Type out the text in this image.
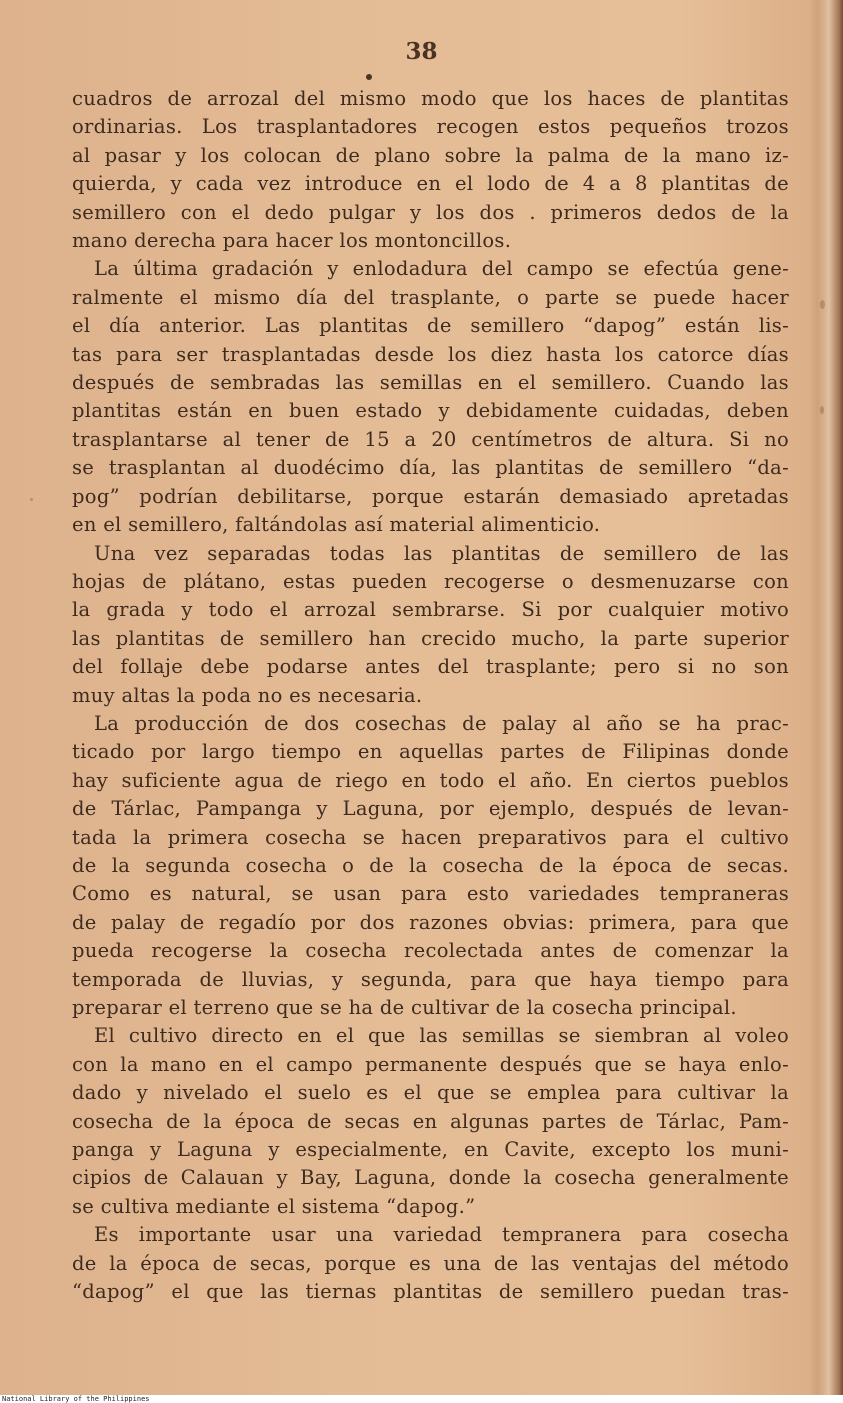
38
cuadros de arrozal del mismo modo que los haces de plantitas
ordinarias. Los trasplantadores recogen estos pequeños trozos
al pasar y los colocan de plano sobre la palma de la mano iz-
quierda, y cada vez introduce en el lodo de 4 a 8 plantitas de
semillero con el dedo pulgar y los dos . primeros dedos de la
mano derecha para hacer los montoncillos.
La última gradación y enlodadura del campo se efectúa gene-
ralmente el mismo día del trasplante, o parte se puede hacer
el día anterior. Las plantitas de semillero “dapog” están lis-
tas para ser trasplantadas desde los diez hasta los catorce días
después de sembradas las semillas en el semillero. Cuando las
plantitas están en buen estado y debidamente cuidadas, deben
trasplantarse al tener de 15 a 20 centímetros de altura. Si no
se trasplantan al duodécimo día, las plantitas de semillero “da-
pog” podrían debilitarse, porque estarán demasiado apretadas
en el semillero, faltándolas así material alimenticio.
Una vez separadas todas las plantitas de semillero de las
hojas de plátano, estas pueden recogerse o desmenuzarse con
la grada y todo el arrozal sembrarse. Si por cualquier motivo
las plantitas de semillero han crecido mucho, la parte superior
del follaje debe podarse antes del trasplante; pero si no son
muy altas la poda no es necesaria.
La producción de dos cosechas de palay al año se ha prac-
ticado por largo tiempo en aquellas partes de Filipinas donde
hay suficiente agua de riego en todo el año. En ciertos pueblos
de Tárlac, Pampanga y Laguna, por ejemplo, después de levan-
tada la primera cosecha se hacen preparativos para el cultivo
de la segunda cosecha o de la cosecha de la época de secas.
Como es natural, se usan para esto variedades tempraneras
de palay de regadío por dos razones obvias: primera, para que
pueda recogerse la cosecha recolectada antes de comenzar la
temporada de lluvias, y segunda, para que haya tiempo para
preparar el terreno que se ha de cultivar de la cosecha principal.
El cultivo directo en el que las semillas se siembran al voleo
con la mano en el campo permanente después que se haya enlo-
dado y nivelado el suelo es el que se emplea para cultivar la
cosecha de la época de secas en algunas partes de Tárlac, Pam-
panga y Laguna y especialmente, en Cavite, excepto los muni-
cipios de Calauan y Bay, Laguna, donde la cosecha generalmente
se cultiva mediante el sistema “dapog.”
Es importante usar una variedad tempranera para cosecha
de la época de secas, porque es una de las ventajas del método
“dapog” el que las tiernas plantitas de semillero puedan tras-
National Library of the Philippines
